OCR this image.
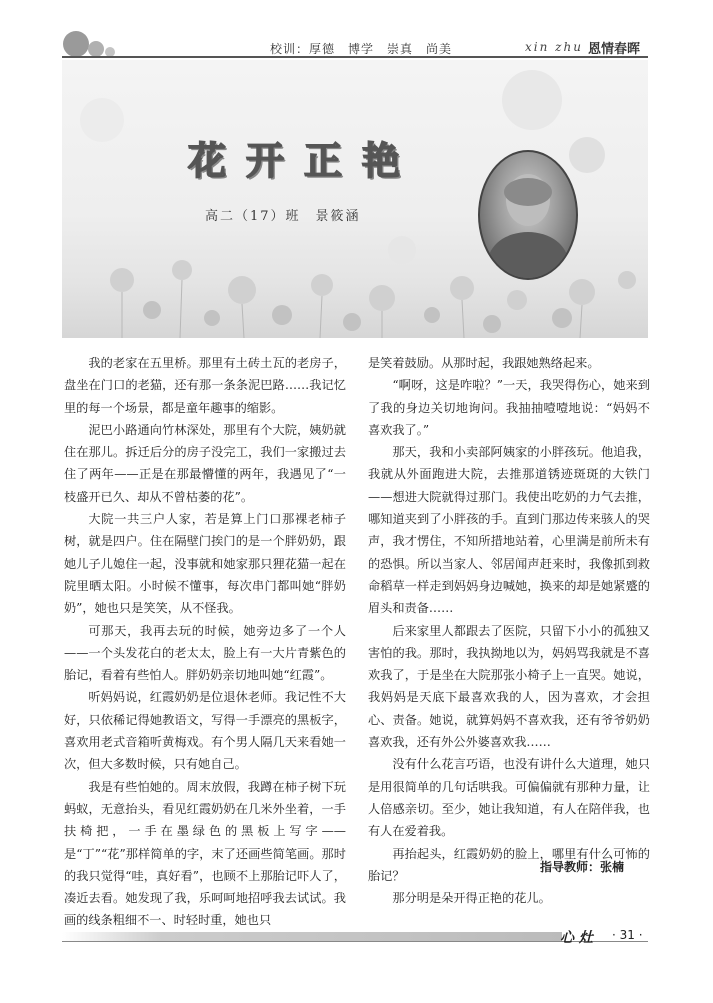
校训：厚德　博学　崇真　尚美	xin zhu 恩情春晖
花开正艳
高二（17）班　景筱涵

我的老家在五里桥。那里有土砖土瓦的老房子，盘坐在门口的老猫，还有那一条条泥巴路……我记忆里的每一个场景，都是童年趣事的缩影。

泥巴小路通向竹林深处，那里有个大院，姨奶就住在那儿。拆迁后分的房子没完工，我们一家搬过去住了两年——正是在那最懵懂的两年，我遇见了“一枝盛开已久、却从不曾枯萎的花”。

大院一共三户人家，若是算上门口那裸老柿子树，就是四户。住在隔壁门挨门的是一个胖奶奶，跟她儿子儿媳住一起，没事就和她家那只狸花猫一起在院里晒太阳。小时候不懂事，每次串门都叫她“胖奶奶”，她也只是笑笑，从不怪我。

可那天，我再去玩的时候，她旁边多了一个人——一个头发花白的老太太，脸上有一大片青紫色的胎记，看着有些怕人。胖奶奶亲切地叫她“红霞”。

听妈妈说，红霞奶奶是位退休老师。我记性不大好，只依稀记得她教语文，写得一手漂亮的黑板字，喜欢用老式音箱听黄梅戏。有个男人隔几天来看她一次，但大多数时候，只有她自己。

我是有些怕她的。周末放假，我蹲在柿子树下玩蚂蚁，无意抬头，看见红霞奶奶在几米外坐着，一手扶椅把，一手在墨绿色的黑板上写字——是“丁”“花”那样简单的字，末了还画些简笔画。那时的我只觉得“哇，真好看”，也顾不上那胎记吓人了，凑近去看。她发现了我，乐呵呵地招呼我去试试。我画的线条粗细不一、时轻时重，她也只

是笑着鼓励。从那时起，我跟她熟络起来。

“啊呀，这是咋啦？”一天，我哭得伤心，她来到了我的身边关切地询问。我抽抽噎噎地说：“妈妈不喜欢我了。”

那天，我和小卖部阿姨家的小胖孩玩。他追我，我就从外面跑进大院，去推那道锈迹斑斑的大铁门——想进大院就得过那门。我使出吃奶的力气去推，哪知道夹到了小胖孩的手。直到门那边传来骇人的哭声，我才愣住，不知所措地站着，心里满是前所未有的恐惧。所以当家人、邻居闻声赶来时，我像抓到救命稻草一样走到妈妈身边喊她，换来的却是她紧蹙的眉头和责备……

后来家里人都跟去了医院，只留下小小的孤独又害怕的我。那时，我执拗地以为，妈妈骂我就是不喜欢我了，于是坐在大院那张小椅子上一直哭。她说，我妈妈是天底下最喜欢我的人，因为喜欢，才会担心、责备。她说，就算妈妈不喜欢我，还有爷爷奶奶喜欢我，还有外公外婆喜欢我……

没有什么花言巧语，也没有讲什么大道理，她只是用很简单的几句话哄我。可偏偏就有那种力量，让人倍感亲切。至少，她让我知道，有人在陪伴我，也有人在爱着我。

再抬起头，红霞奶奶的脸上，哪里有什么可怖的胎记？

那分明是朵开得正艳的花儿。

指导教师：张楠
心 灶 · 31 ·
